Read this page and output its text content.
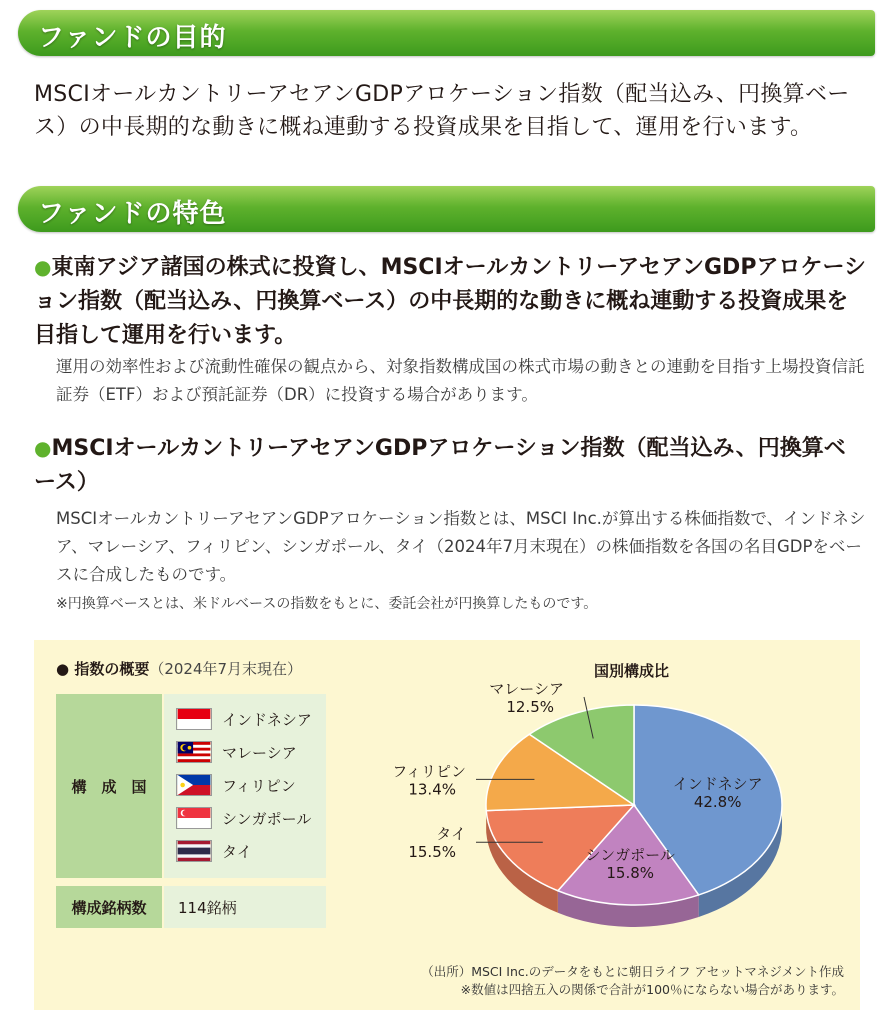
ファンドの目的
MSCIオールカントリーアセアンGDPアロケーション指数（配当込み、円換算ベース）の中長期的な動きに概ね連動する投資成果を目指して、運用を行います。
ファンドの特色
●東南アジア諸国の株式に投資し、MSCIオールカントリーアセアンGDPアロケーション指数（配当込み、円換算ベース）の中長期的な動きに概ね連動する投資成果を目指して運用を行います。
運用の効率性および流動性確保の観点から、対象指数構成国の株式市場の動きとの連動を目指す上場投資信託証券（ETF）および預託証券（DR）に投資する場合があります。
●MSCIオールカントリーアセアンGDPアロケーション指数（配当込み、円換算ベース）
MSCIオールカントリーアセアンGDPアロケーション指数とは、MSCI Inc.が算出する株価指数で、インドネシア、マレーシア、フィリピン、シンガポール、タイ（2024年7月末現在）の株価指数を各国の名目GDPをベースに合成したものです。
※円換算ベースとは、米ドルベースの指数をもとに、委託会社が円換算したものです。
● 指数の概要（2024年7月末現在）
構　成　国
インドネシア
マレーシア
フィリピン
シンガポール
タイ
構成銘柄数	114銘柄
国別構成比
インドネシア
42.8%
シンガポール
15.8%
タイ
15.5%
フィリピン
13.4%
マレーシア
12.5%
（出所）MSCI Inc.のデータをもとに朝日ライフ アセットマネジメント作成
※数値は四捨五入の関係で合計が100％にならない場合があります。
